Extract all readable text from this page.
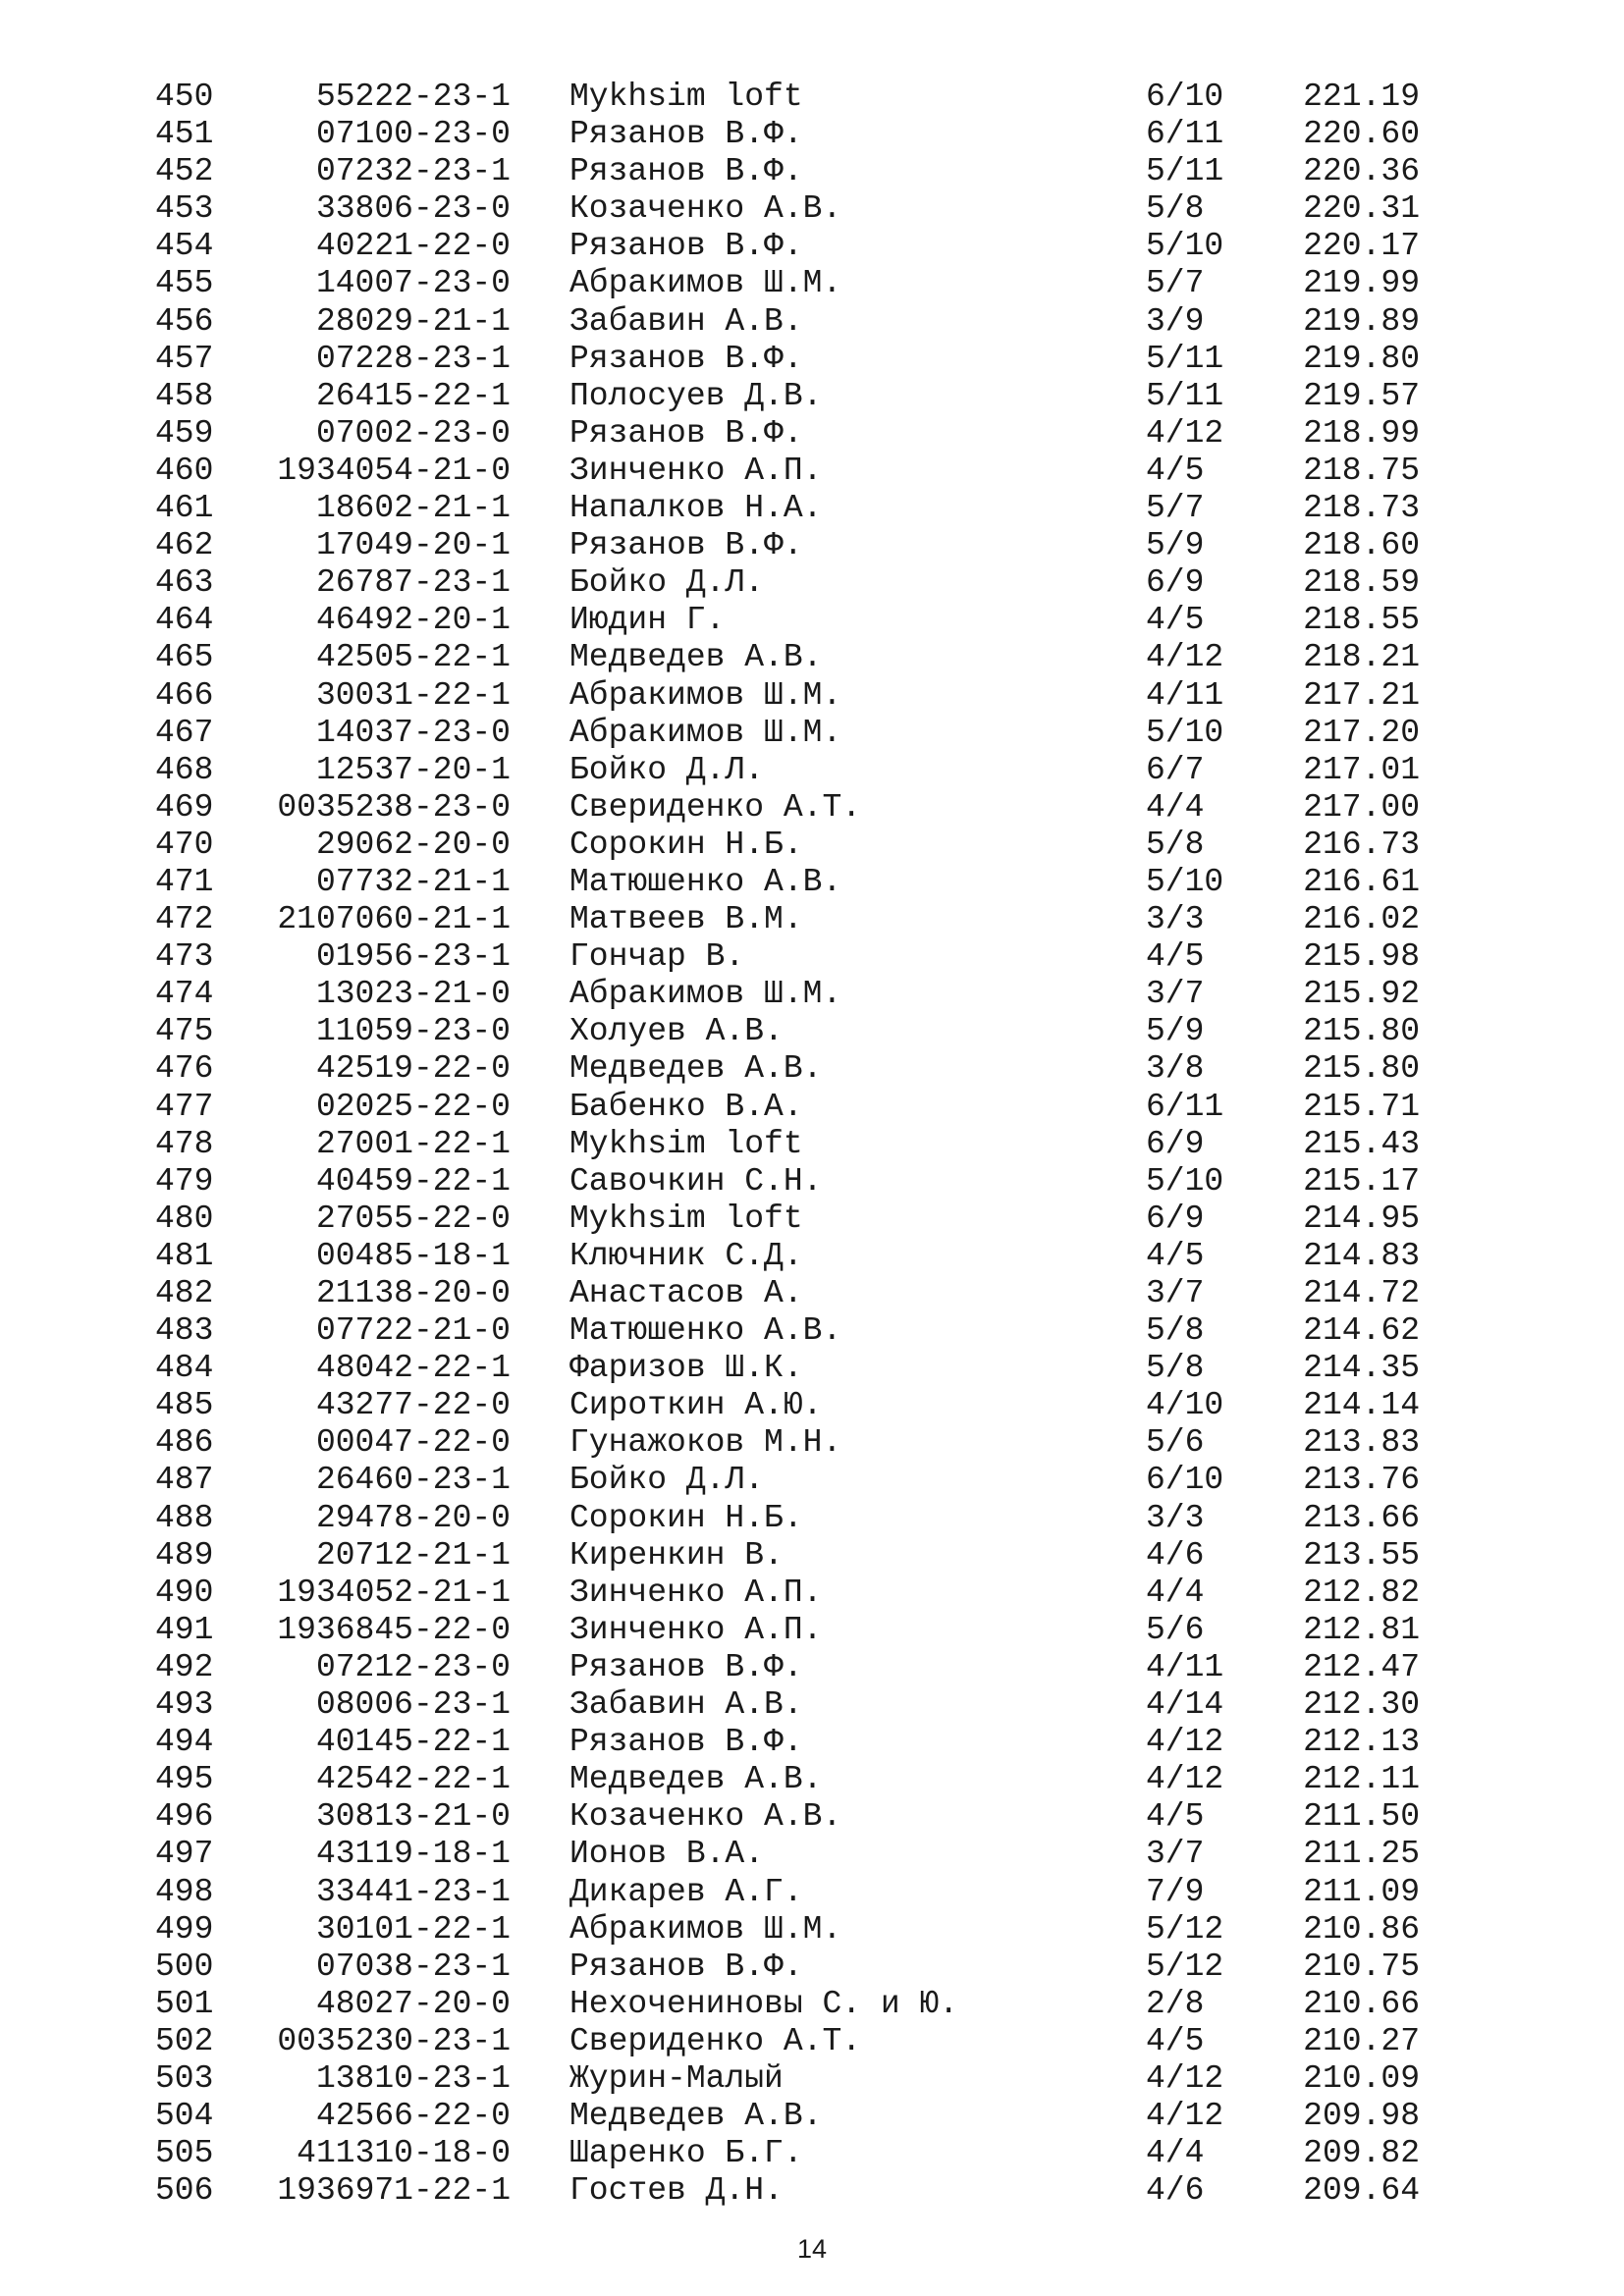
450	55222-23-1 Mykhsim loft	6/10 221.19
451	07100-23-0 Рязанов В.Ф.	6/11 220.60
452	07232-23-1 Рязанов В.Ф.	5/11 220.36
453	33806-23-0 Козаченко А.В.	5/8	220.31
454	40221-22-0 Рязанов В.Ф.	5/10 220.17
455	14007-23-0 Абракимов Ш.М.	5/7	219.99
456	28029-21-1 Забавин А.В.	3/9	219.89
457	07228-23-1 Рязанов В.Ф.	5/11 219.80
458	26415-22-1 Полосуев Д.В.	5/11 219.57
459	07002-23-0 Рязанов В.Ф.	4/12 218.99
460 1934054-21-0 Зинченко А.П.	4/5	218.75
461	18602-21-1 Напалков Н.А.	5/7	218.73
462	17049-20-1 Рязанов В.Ф.	5/9	218.60
463	26787-23-1 Бойко Д.Л.	6/9	218.59
464	46492-20-1 Июдин Г.	4/5	218.55
465	42505-22-1 Медведев А.В.	4/12 218.21
466	30031-22-1 Абракимов Ш.М.	4/11 217.21
467	14037-23-0 Абракимов Ш.М.	5/10 217.20
468	12537-20-1 Бойко Д.Л.	6/7	217.01
469 0035238-23-0 Свериденко А.Т.	4/4	217.00
470	29062-20-0 Сорокин Н.Б.	5/8	216.73
471	07732-21-1 Матюшенко А.В.	5/10 216.61
472 2107060-21-1 Матвеев В.М.	3/3	216.02
473	01956-23-1 Гончар В.	4/5	215.98
474	13023-21-0 Абракимов Ш.М.	3/7	215.92
475	11059-23-0 Холуев А.В.	5/9	215.80
476	42519-22-0 Медведев А.В.	3/8	215.80
477	02025-22-0 Бабенко В.А.	6/11 215.71
478	27001-22-1 Mykhsim loft	6/9	215.43
479	40459-22-1 Савочкин С.Н.	5/10 215.17
480	27055-22-0 Mykhsim loft	6/9	214.95
481	00485-18-1 Ключник С.Д.	4/5	214.83
482	21138-20-0 Анастасов А.	3/7	214.72
483	07722-21-0 Матюшенко А.В.	5/8	214.62
484	48042-22-1 Фаризов Ш.К.	5/8	214.35
485	43277-22-0 Сироткин А.Ю.	4/10 214.14
486	00047-22-0 Гунажоков М.Н.	5/6	213.83
487	26460-23-1 Бойко Д.Л.	6/10 213.76
488	29478-20-0 Сорокин Н.Б.	3/3	213.66
489	20712-21-1 Киренкин В.	4/6	213.55
490 1934052-21-1 Зинченко А.П.	4/4	212.82
491 1936845-22-0 Зинченко А.П.	5/6	212.81
492	07212-23-0 Рязанов В.Ф.	4/11 212.47
493	08006-23-1 Забавин А.В.	4/14 212.30
494	40145-22-1 Рязанов В.Ф.	4/12 212.13
495	42542-22-1 Медведев А.В.	4/12 212.11
496	30813-21-0 Козаченко А.В.	4/5	211.50
497	43119-18-1 Ионов В.А.	3/7	211.25
498	33441-23-1 Дикарев А.Г.	7/9	211.09
499	30101-22-1 Абракимов Ш.М.	5/12 210.86
500	07038-23-1 Рязанов В.Ф.	5/12 210.75
501	48027-20-0 Нехочениновы С. и Ю.	2/8	210.66
502 0035230-23-1 Свериденко А.Т.	4/5	210.27
503	13810-23-1 Журин-Малый	4/12 210.09
504	42566-22-0 Медведев А.В.	4/12 209.98
505	411310-18-0 Шаренко Б.Г.	4/4	209.82
506 1936971-22-1 Гостев Д.Н.	4/6	209.64
14
